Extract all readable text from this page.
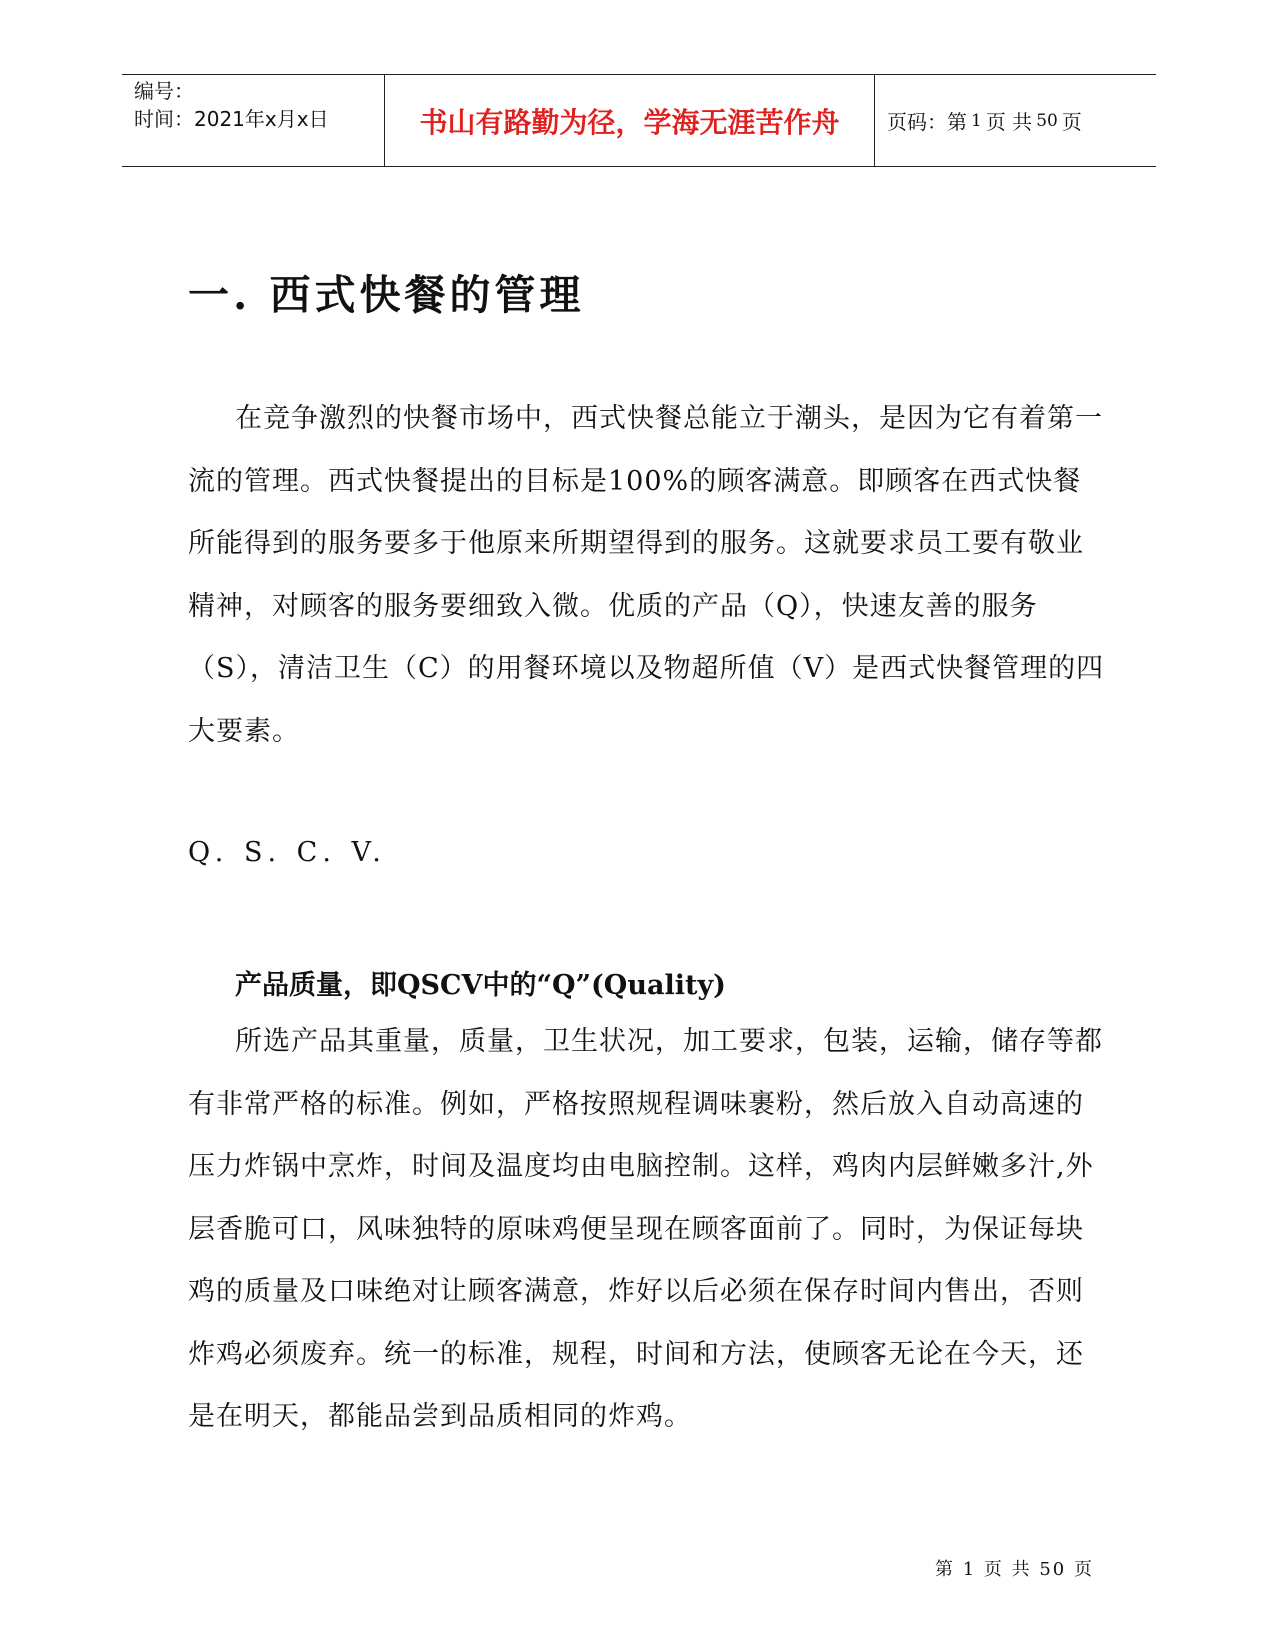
编号：
时间：2021年x月x日	书山有路勤为径，学海无涯苦作舟	页码：第 1 页 共 50 页
一. 西式快餐的管理

在竞争激烈的快餐市场中，西式快餐总能立于潮头，是因为它有着第一流的管理。西式快餐提出的目标是100%的顾客满意。即顾客在西式快餐所能得到的服务要多于他原来所期望得到的服务。这就要求员工要有敬业精神，对顾客的服务要细致入微。优质的产品（Q），快速友善的服务（S），清洁卫生（C）的用餐环境以及物超所值（V）是西式快餐管理的四大要素。

Q. S. C. V.

产品质量，即QSCV中的“Q”(Quality)

所选产品其重量，质量，卫生状况，加工要求，包装，运输，储存等都有非常严格的标准。例如，严格按照规程调味裹粉，然后放入自动高速的压力炸锅中烹炸，时间及温度均由电脑控制。这样，鸡肉内层鲜嫩多汁,外层香脆可口，风味独特的原味鸡便呈现在顾客面前了。同时，为保证每块鸡的质量及口味绝对让顾客满意，炸好以后必须在保存时间内售出，否则炸鸡必须废弃。统一的标准，规程，时间和方法，使顾客无论在今天，还是在明天，都能品尝到品质相同的炸鸡。

第 1 页 共 50 页
